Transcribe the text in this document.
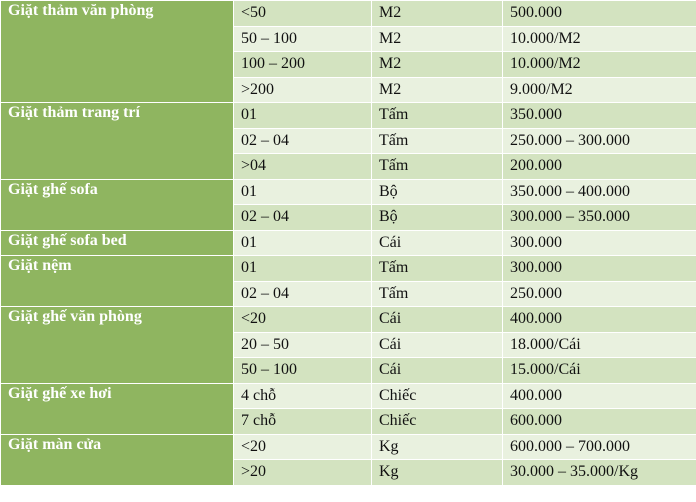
Giặt thảm văn phòng	<50	M2	500.000
	50 – 100	M2	10.000/M2
	100 – 200	M2	10.000/M2
	>200	M2	9.000/M2
Giặt thảm trang trí	01	Tấm	350.000
	02 – 04	Tấm	250.000 – 300.000
	>04	Tấm	200.000
Giặt ghế sofa	01	Bộ	350.000 – 400.000
	02 – 04	Bộ	300.000 – 350.000
Giặt ghế sofa bed	01	Cái	300.000
Giặt nệm	01	Tấm	300.000
	02 – 04	Tấm	250.000
Giặt ghế văn phòng	<20	Cái	400.000
	20 – 50	Cái	18.000/Cái
	50 – 100	Cái	15.000/Cái
Giặt ghế xe hơi	4 chỗ	Chiếc	400.000
	7 chỗ	Chiếc	600.000
Giặt màn cửa	<20	Kg	600.000 – 700.000
	>20	Kg	30.000 – 35.000/Kg
